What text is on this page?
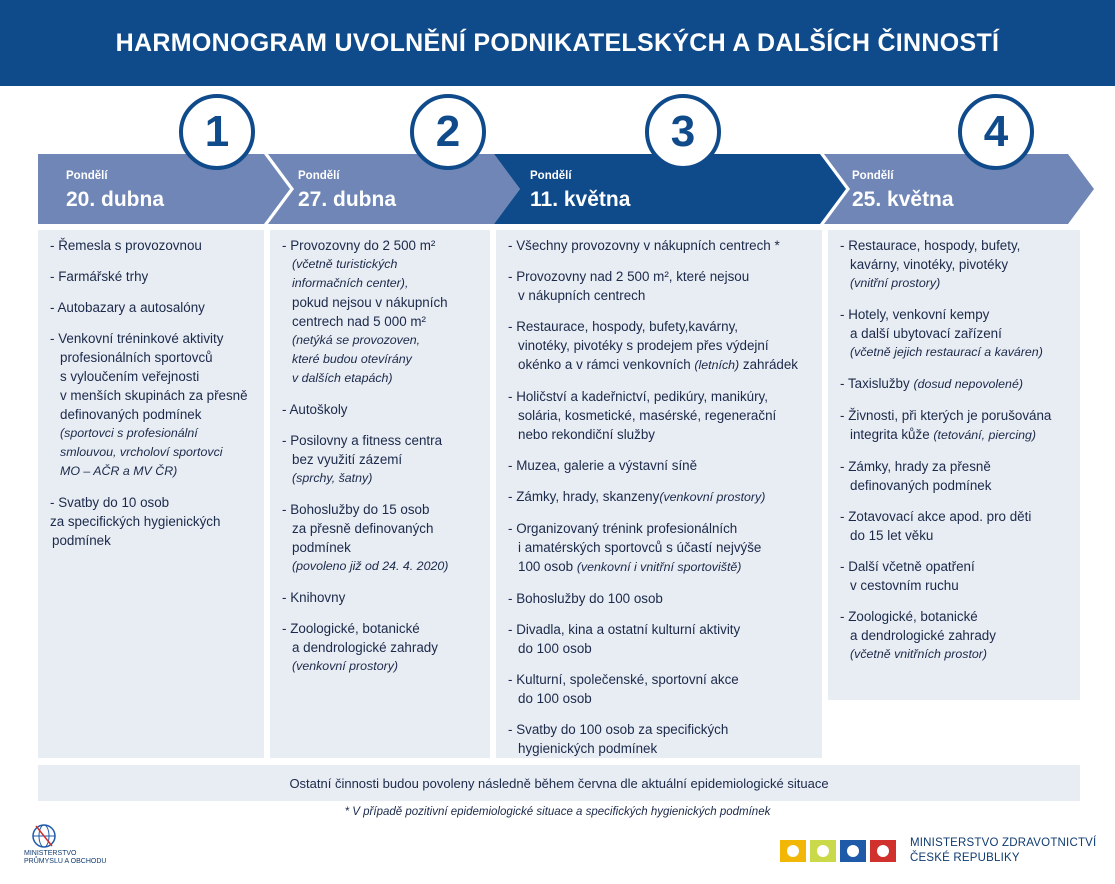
HARMONOGRAM UVOLNĚNÍ PODNIKATELSKÝCH A DALŠÍCH ČINNOSTÍ
1	2	3	4
Pondělí
20. dubna
Pondělí
27. dubna
Pondělí
11. května
Pondělí
25. května
- Řemesla s provozovnou
- Farmářské trhy
- Autobazary a autosalóny
- Venkovní tréninkové aktivity
profesionálních sportovců
s vyloučením veřejnosti
v menších skupinách za přesně
definovaných podmínek
(sportovci s profesionální
smlouvou, vrcholoví sportovci
MO – AČR a MV ČR)
- Svatby do 10 osob
za specifických hygienických
podmínek
- Provozovny do 2 500 m²
(včetně turistických
informačních center),
pokud nejsou v nákupních
centrech nad 5 000 m²
(netýká se provozoven,
které budou otevírány
v dalších etapách)
- Autoškoly
- Posilovny a fitness centra
bez využití zázemí
(sprchy, šatny)
- Bohoslužby do 15 osob
za přesně definovaných
podmínek
(povoleno již od 24. 4. 2020)
- Knihovny
- Zoologické, botanické
a dendrologické zahrady
(venkovní prostory)
- Všechny provozovny v nákupních centrech *
- Provozovny nad 2 500 m², které nejsou
v nákupních centrech
- Restaurace, hospody, bufety,kavárny,
vinotéky, pivotéky s prodejem přes výdejní
okénko a v rámci venkovních (letních) zahrádek
- Holičství a kadeřnictví, pedikúry, manikúry,
solária, kosmetické, masérské, regenerační
nebo rekondiční služby
- Muzea, galerie a výstavní síně
- Zámky, hrady, skanzeny(venkovní prostory)
- Organizovaný trénink profesionálních
i amatérských sportovců s účastí nejvýše
100 osob (venkovní i vnitřní sportoviště)
- Bohoslužby do 100 osob
- Divadla, kina a ostatní kulturní aktivity
do 100 osob
- Kulturní, společenské, sportovní akce
do 100 osob
- Svatby do 100 osob za specifických
hygienických podmínek
- Restaurace, hospody, bufety,
kavárny, vinotéky, pivotéky
(vnitřní prostory)
- Hotely, venkovní kempy
a další ubytovací zařízení
(včetně jejich restaurací a kaváren)
- Taxislužby (dosud nepovolené)
- Živnosti, při kterých je porušována
integrita kůže (tetování, piercing)
- Zámky, hrady za přesně
definovaných podmínek
- Zotavovací akce apod. pro děti
do 15 let věku
- Další včetně opatření
v cestovním ruchu
- Zoologické, botanické
a dendrologické zahrady
(včetně vnitřních prostor)
Ostatní činnosti budou povoleny následně během června dle aktuální epidemiologické situace
* V případě pozitivní epidemiologické situace a specifických hygienických podmínek
MINISTERSTVO
PRŮMYSLU A OBCHODU
MINISTERSTVO ZDRAVOTNICTVÍ
ČESKÉ REPUBLIKY
